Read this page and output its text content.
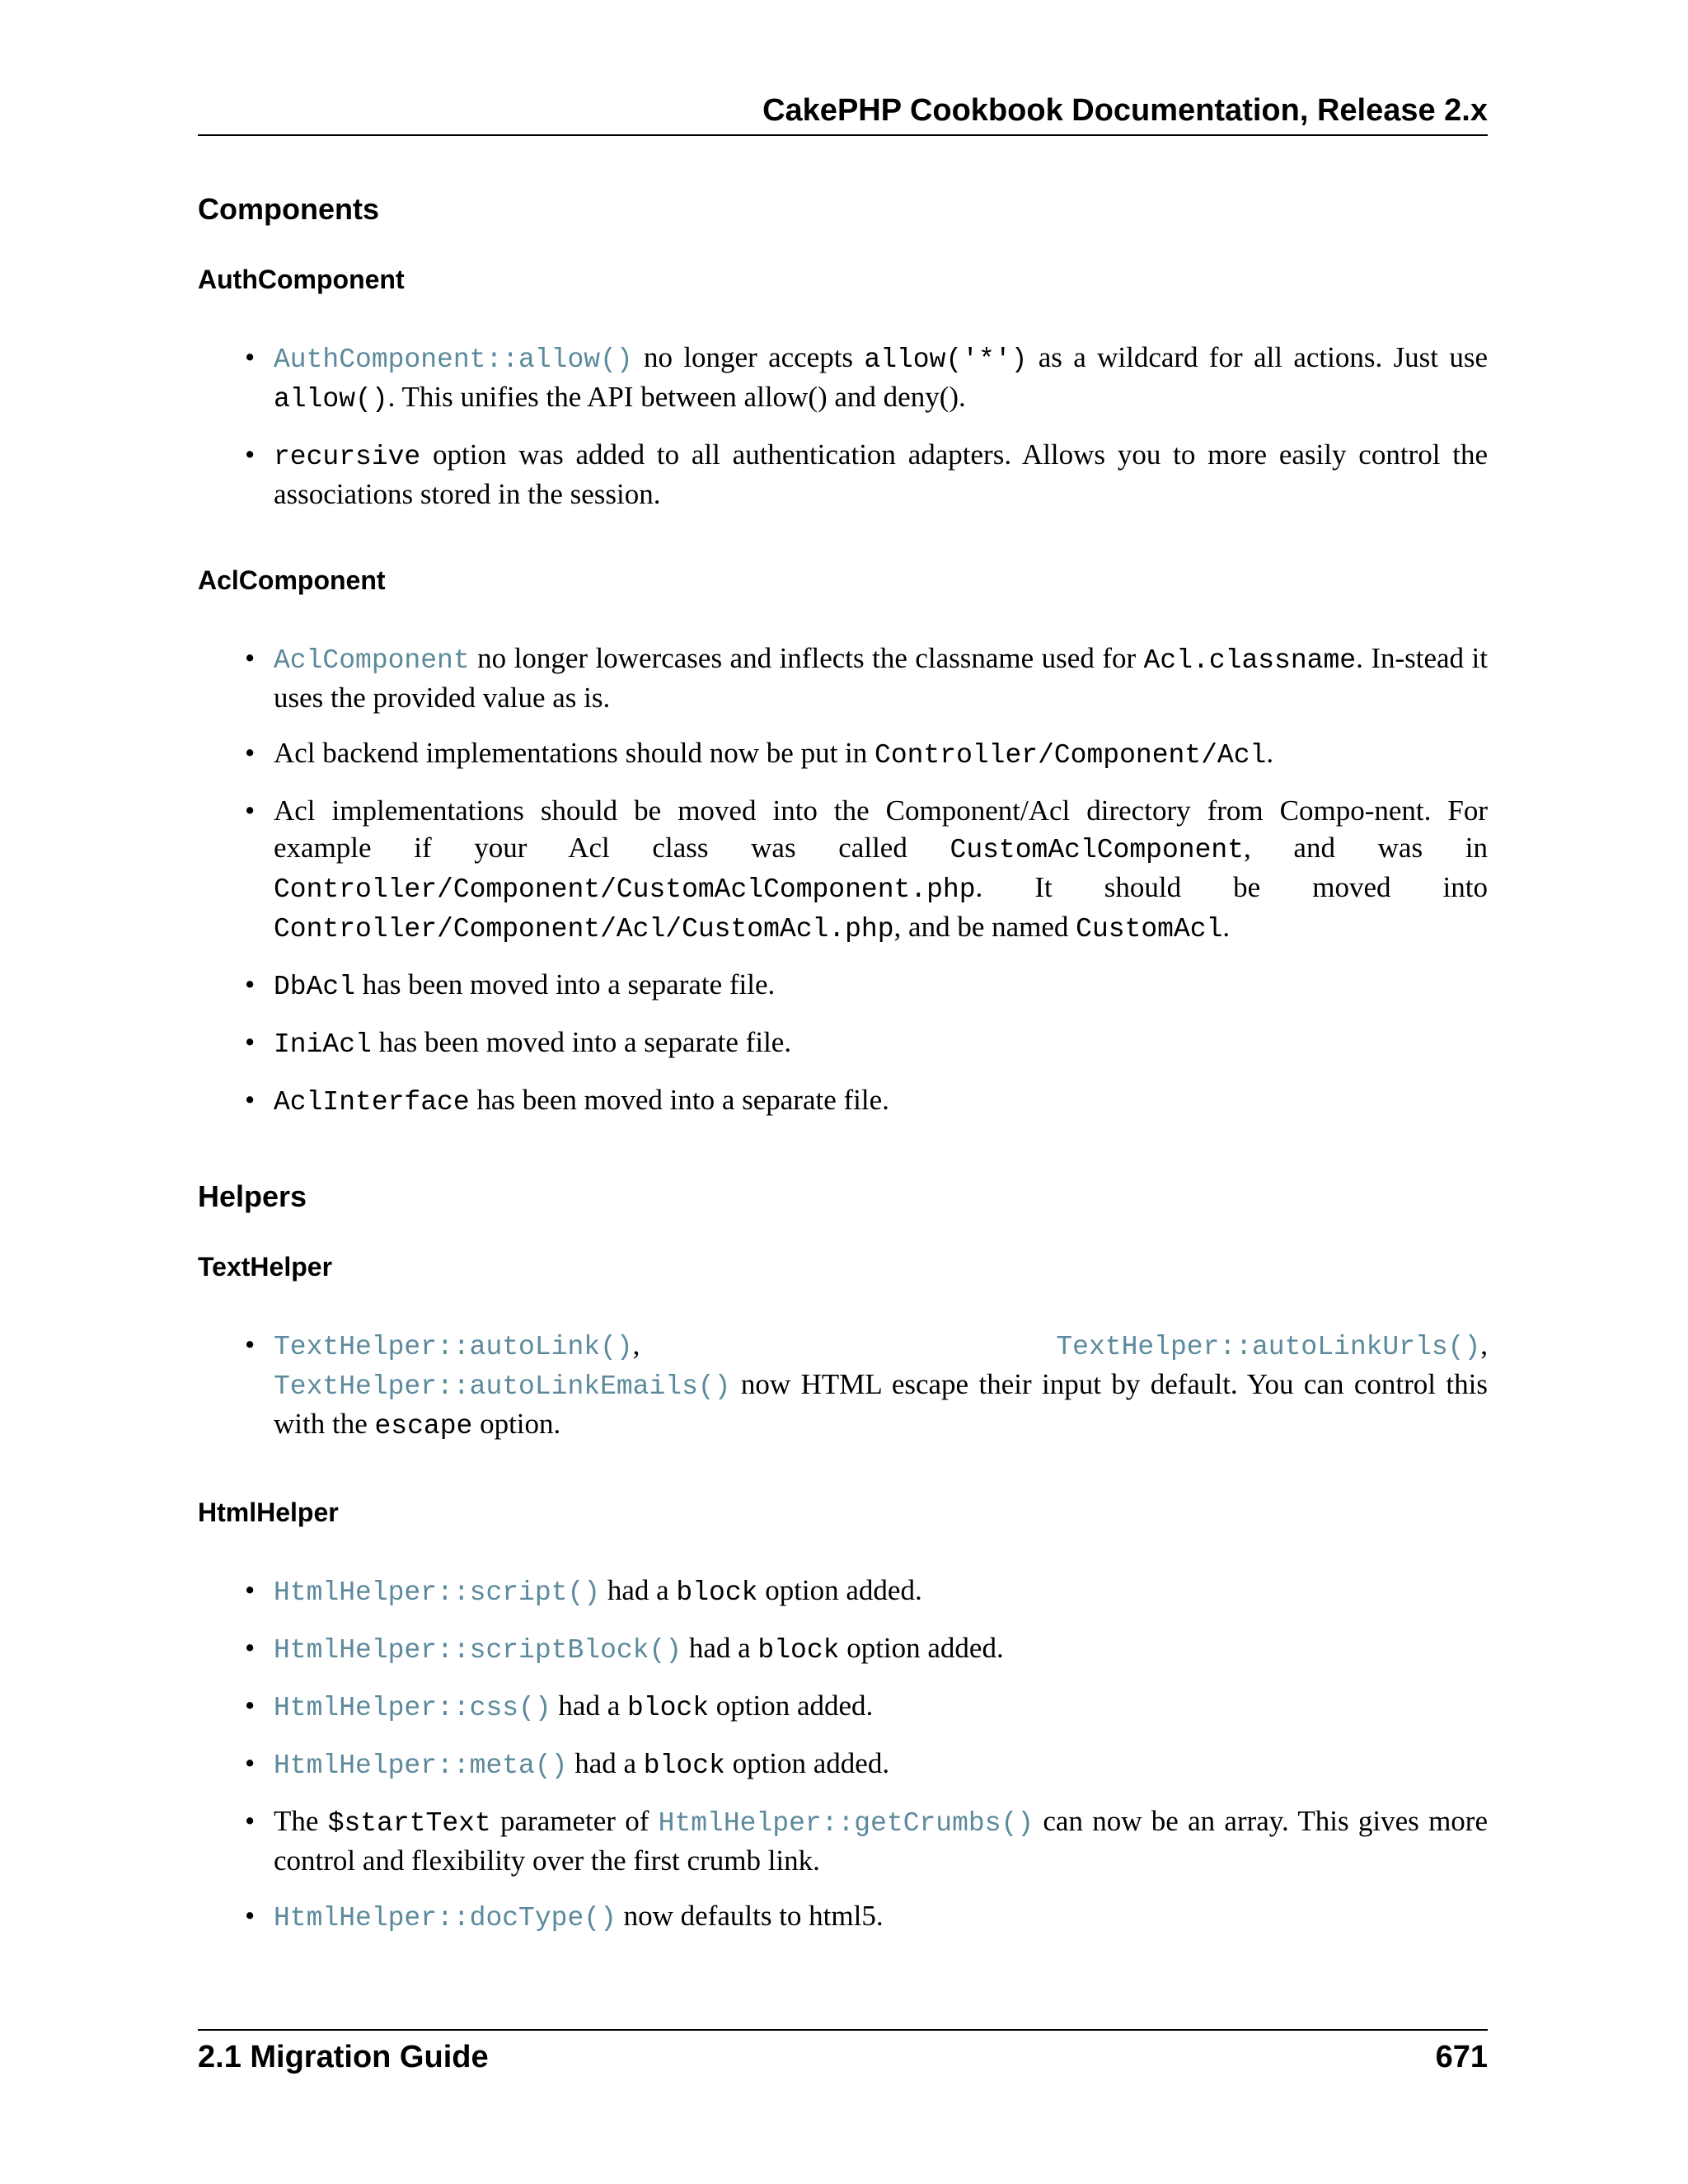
CakePHP Cookbook Documentation, Release 2.x
Components
AuthComponent
• AuthComponent::allow() no longer accepts allow('*') as a wildcard for all actions. Just use allow(). This unifies the API between allow() and deny().
• recursive option was added to all authentication adapters. Allows you to more easily control the associations stored in the session.
AclComponent
• AclComponent no longer lowercases and inflects the classname used for Acl.classname. In-stead it uses the provided value as is.
• Acl backend implementations should now be put in Controller/Component/Acl.
• Acl implementations should be moved into the Component/Acl directory from Compo-nent. For example if your Acl class was called CustomAclComponent, and was in Controller/Component/CustomAclComponent.php. It should be moved into Controller/Component/Acl/CustomAcl.php, and be named CustomAcl.
• DbAcl has been moved into a separate file.
• IniAcl has been moved into a separate file.
• AclInterface has been moved into a separate file.
Helpers
TextHelper
• TextHelper::autoLink(), TextHelper::autoLinkUrls(), TextHelper::autoLinkEmails() now HTML escape their input by default. You can control this with the escape option.
HtmlHelper
• HtmlHelper::script() had a block option added.
• HtmlHelper::scriptBlock() had a block option added.
• HtmlHelper::css() had a block option added.
• HtmlHelper::meta() had a block option added.
• The $startText parameter of HtmlHelper::getCrumbs() can now be an array. This gives more control and flexibility over the first crumb link.
• HtmlHelper::docType() now defaults to html5.
2.1 Migration Guide	671
